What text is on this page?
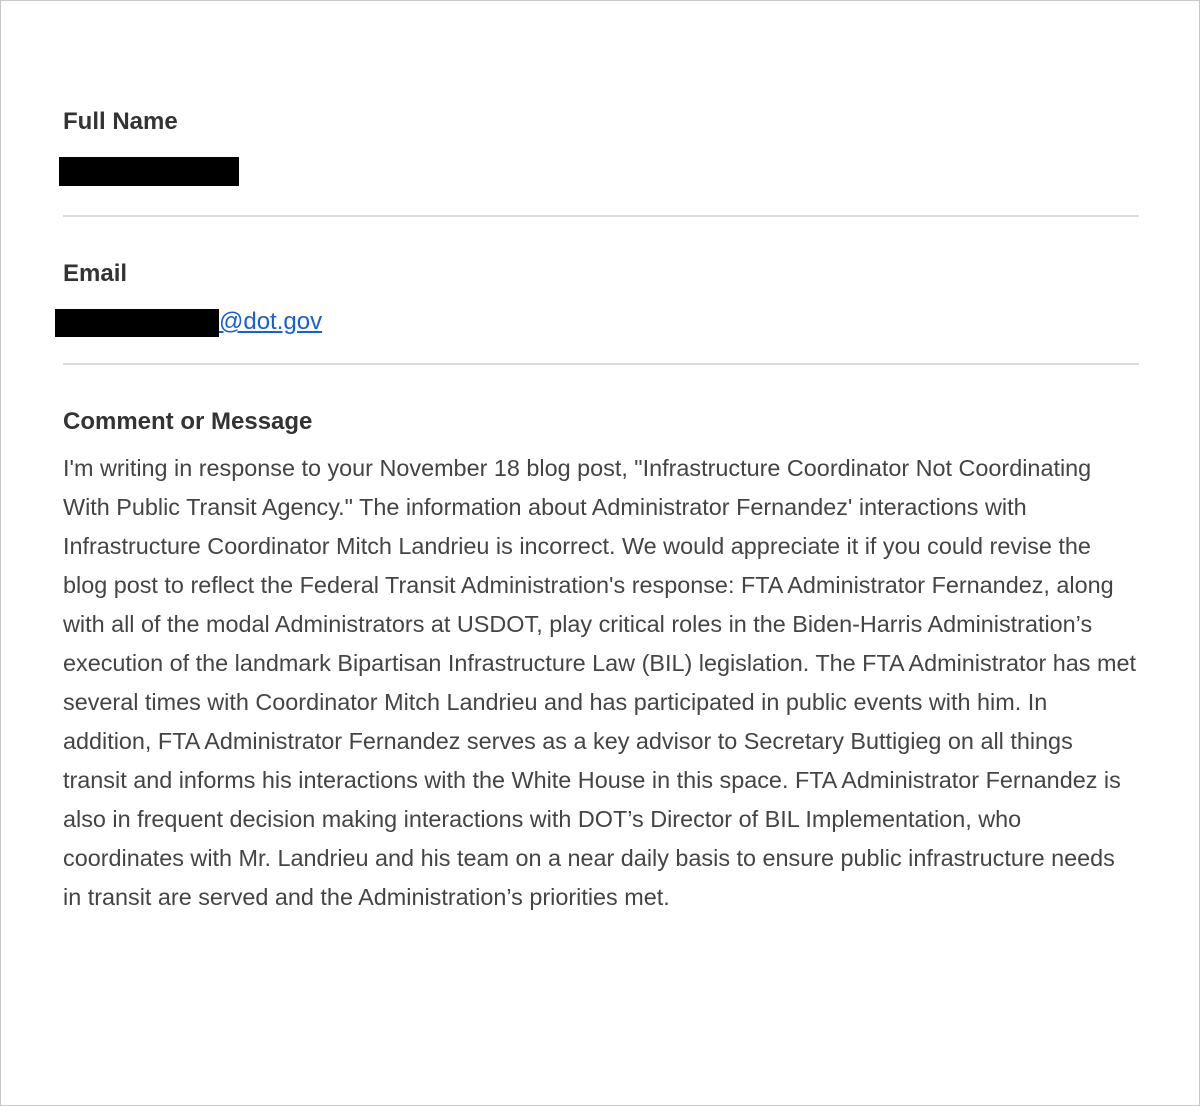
Full Name
Email
@dot.gov
Comment or Message

I'm writing in response to your November 18 blog post, "Infrastructure Coordinator Not Coordinating With Public Transit Agency." The information about Administrator Fernandez' interactions with Infrastructure Coordinator Mitch Landrieu is incorrect. We would appreciate it if you could revise the blog post to reflect the Federal Transit Administration's response: FTA Administrator Fernandez, along with all of the modal Administrators at USDOT, play critical roles in the Biden-Harris Administration’s execution of the landmark Bipartisan Infrastructure Law (BIL) legislation. The FTA Administrator has met several times with Coordinator Mitch Landrieu and has participated in public events with him. In addition, FTA Administrator Fernandez serves as a key advisor to Secretary Buttigieg on all things transit and informs his interactions with the White House in this space. FTA Administrator Fernandez is also in frequent decision making interactions with DOT’s Director of BIL Implementation, who coordinates with Mr. Landrieu and his team on a near daily basis to ensure public infrastructure needs in transit are served and the Administration’s priorities met.
